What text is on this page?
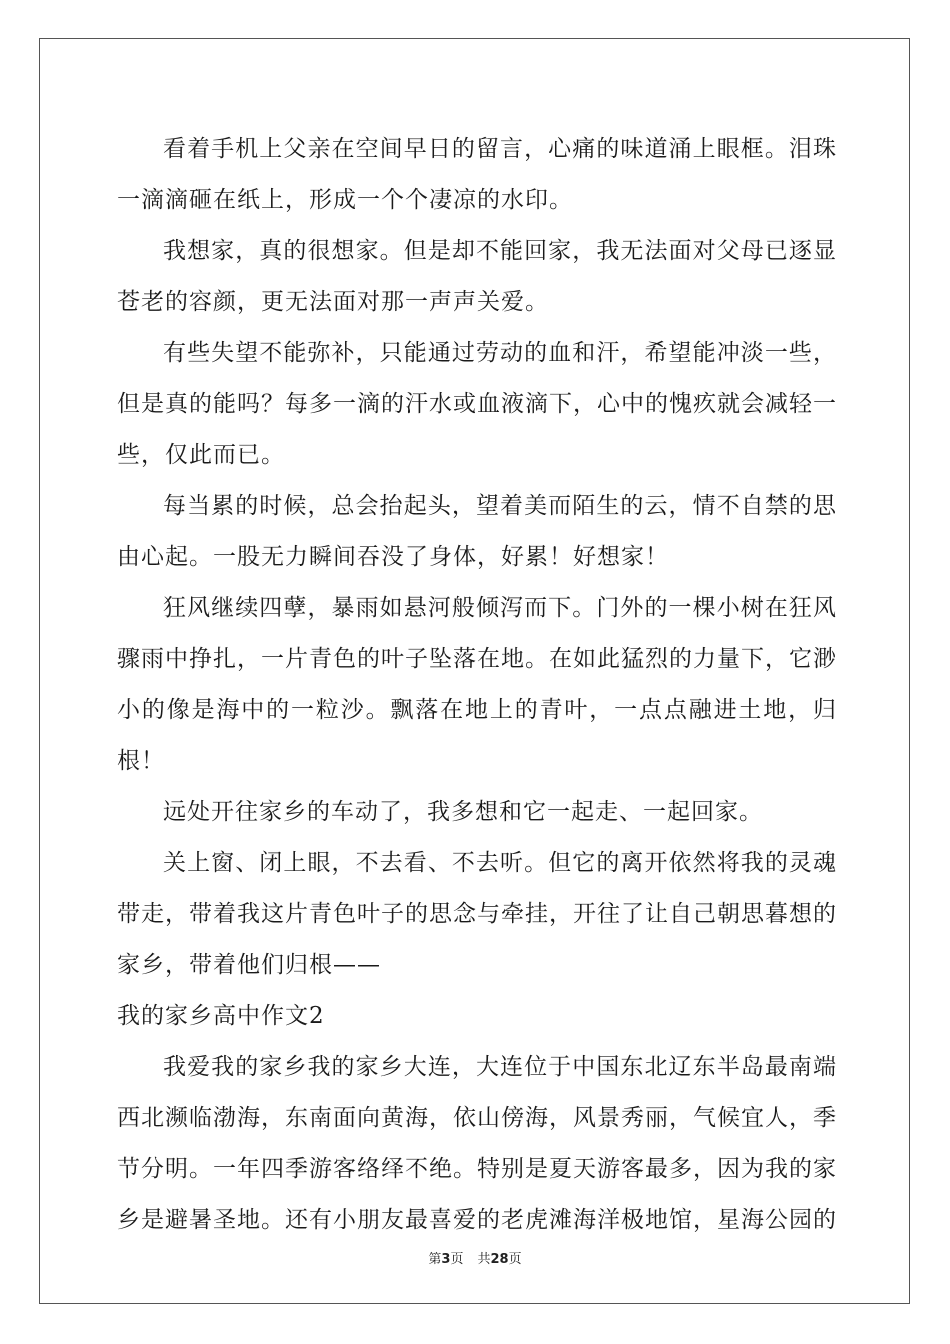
看着手机上父亲在空间早日的留言，心痛的味道涌上眼框。泪珠一滴滴砸在纸上，形成一个个凄凉的水印。

我想家，真的很想家。但是却不能回家，我无法面对父母已逐显苍老的容颜，更无法面对那一声声关爱。

有些失望不能弥补，只能通过劳动的血和汗，希望能冲淡一些，但是真的能吗？每多一滴的汗水或血液滴下，心中的愧疚就会减轻一些，仅此而已。

每当累的时候，总会抬起头，望着美而陌生的云，情不自禁的思由心起。一股无力瞬间吞没了身体，好累！好想家！

狂风继续四孽，暴雨如悬河般倾泻而下。门外的一棵小树在狂风骤雨中挣扎，一片青色的叶子坠落在地。在如此猛烈的力量下，它渺小的像是海中的一粒沙。飘落在地上的青叶，一点点融进土地，归根！

远处开往家乡的车动了，我多想和它一起走、一起回家。

关上窗、闭上眼，不去看、不去听。但它的离开依然将我的灵魂带走，带着我这片青色叶子的思念与牵挂，开往了让自己朝思暮想的家乡，带着他们归根——

我的家乡高中作文2

我爱我的家乡我的家乡大连，大连位于中国东北辽东半岛最南端西北濒临渤海，东南面向黄海，依山傍海，风景秀丽，气候宜人，季节分明。一年四季游客络绎不绝。特别是夏天游客最多，因为我的家乡是避暑圣地。还有小朋友最喜爱的老虎滩海洋极地馆，星海公园的

第3页 共28页
